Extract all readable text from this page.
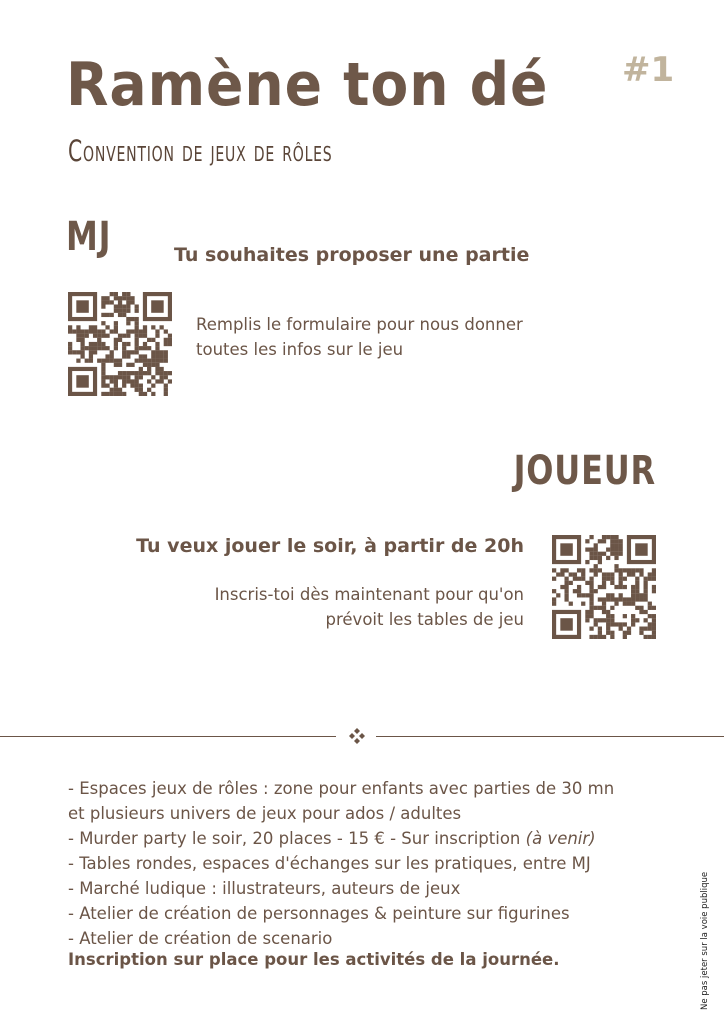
Ramène ton dé #1
Convention de jeux de rôles
MJ	Tu souhaites proposer une partie
Remplis le formulaire pour nous donner
toutes les infos sur le jeu
JOUEUR
Tu veux jouer le soir, à partir de 20h
Inscris-toi dès maintenant pour qu'on
prévoit les tables de jeu
- Espaces jeux de rôles : zone pour enfants avec parties de 30 mn
et plusieurs univers de jeux pour ados / adultes
- Murder party le soir, 20 places - 15 € - Sur inscription (à venir)
- Tables rondes, espaces d'échanges sur les pratiques, entre MJ
- Marché ludique : illustrateurs, auteurs de jeux
- Atelier de création de personnages & peinture sur figurines
- Atelier de création de scenario
Inscription sur place pour les activités de la journée.	Ne pas jeter sur la voie publique
